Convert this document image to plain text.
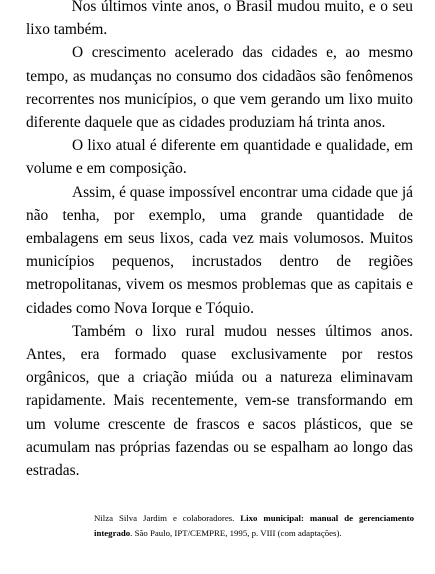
Nos últimos vinte anos, o Brasil mudou muito, e o seu lixo também.

O crescimento acelerado das cidades e, ao mesmo tempo, as mudanças no consumo dos cidadãos são fenômenos recorrentes nos municípios, o que vem gerando um lixo muito diferente daquele que as cidades produziam há trinta anos.

O lixo atual é diferente em quantidade e qualidade, em volume e em composição.

Assim, é quase impossível encontrar uma cidade que já não tenha, por exemplo, uma grande quantidade de embalagens em seus lixos, cada vez mais volumosos. Muitos municípios pequenos, incrustados dentro de regiões metropolitanas, vivem os mesmos problemas que as capitais e cidades como Nova Iorque e Tóquio.

Também o lixo rural mudou nesses últimos anos. Antes, era formado quase exclusivamente por restos orgânicos, que a criação miúda ou a natureza eliminavam rapidamente. Mais recentemente, vem-se transformando em um volume crescente de frascos e sacos plásticos, que se acumulam nas próprias fazendas ou se espalham ao longo das estradas.

Nilza Silva Jardim e colaboradores. Lixo municipal: manual de gerenciamento integrado. São Paulo, IPT/CEMPRE, 1995, p. VIII (com adaptações).
